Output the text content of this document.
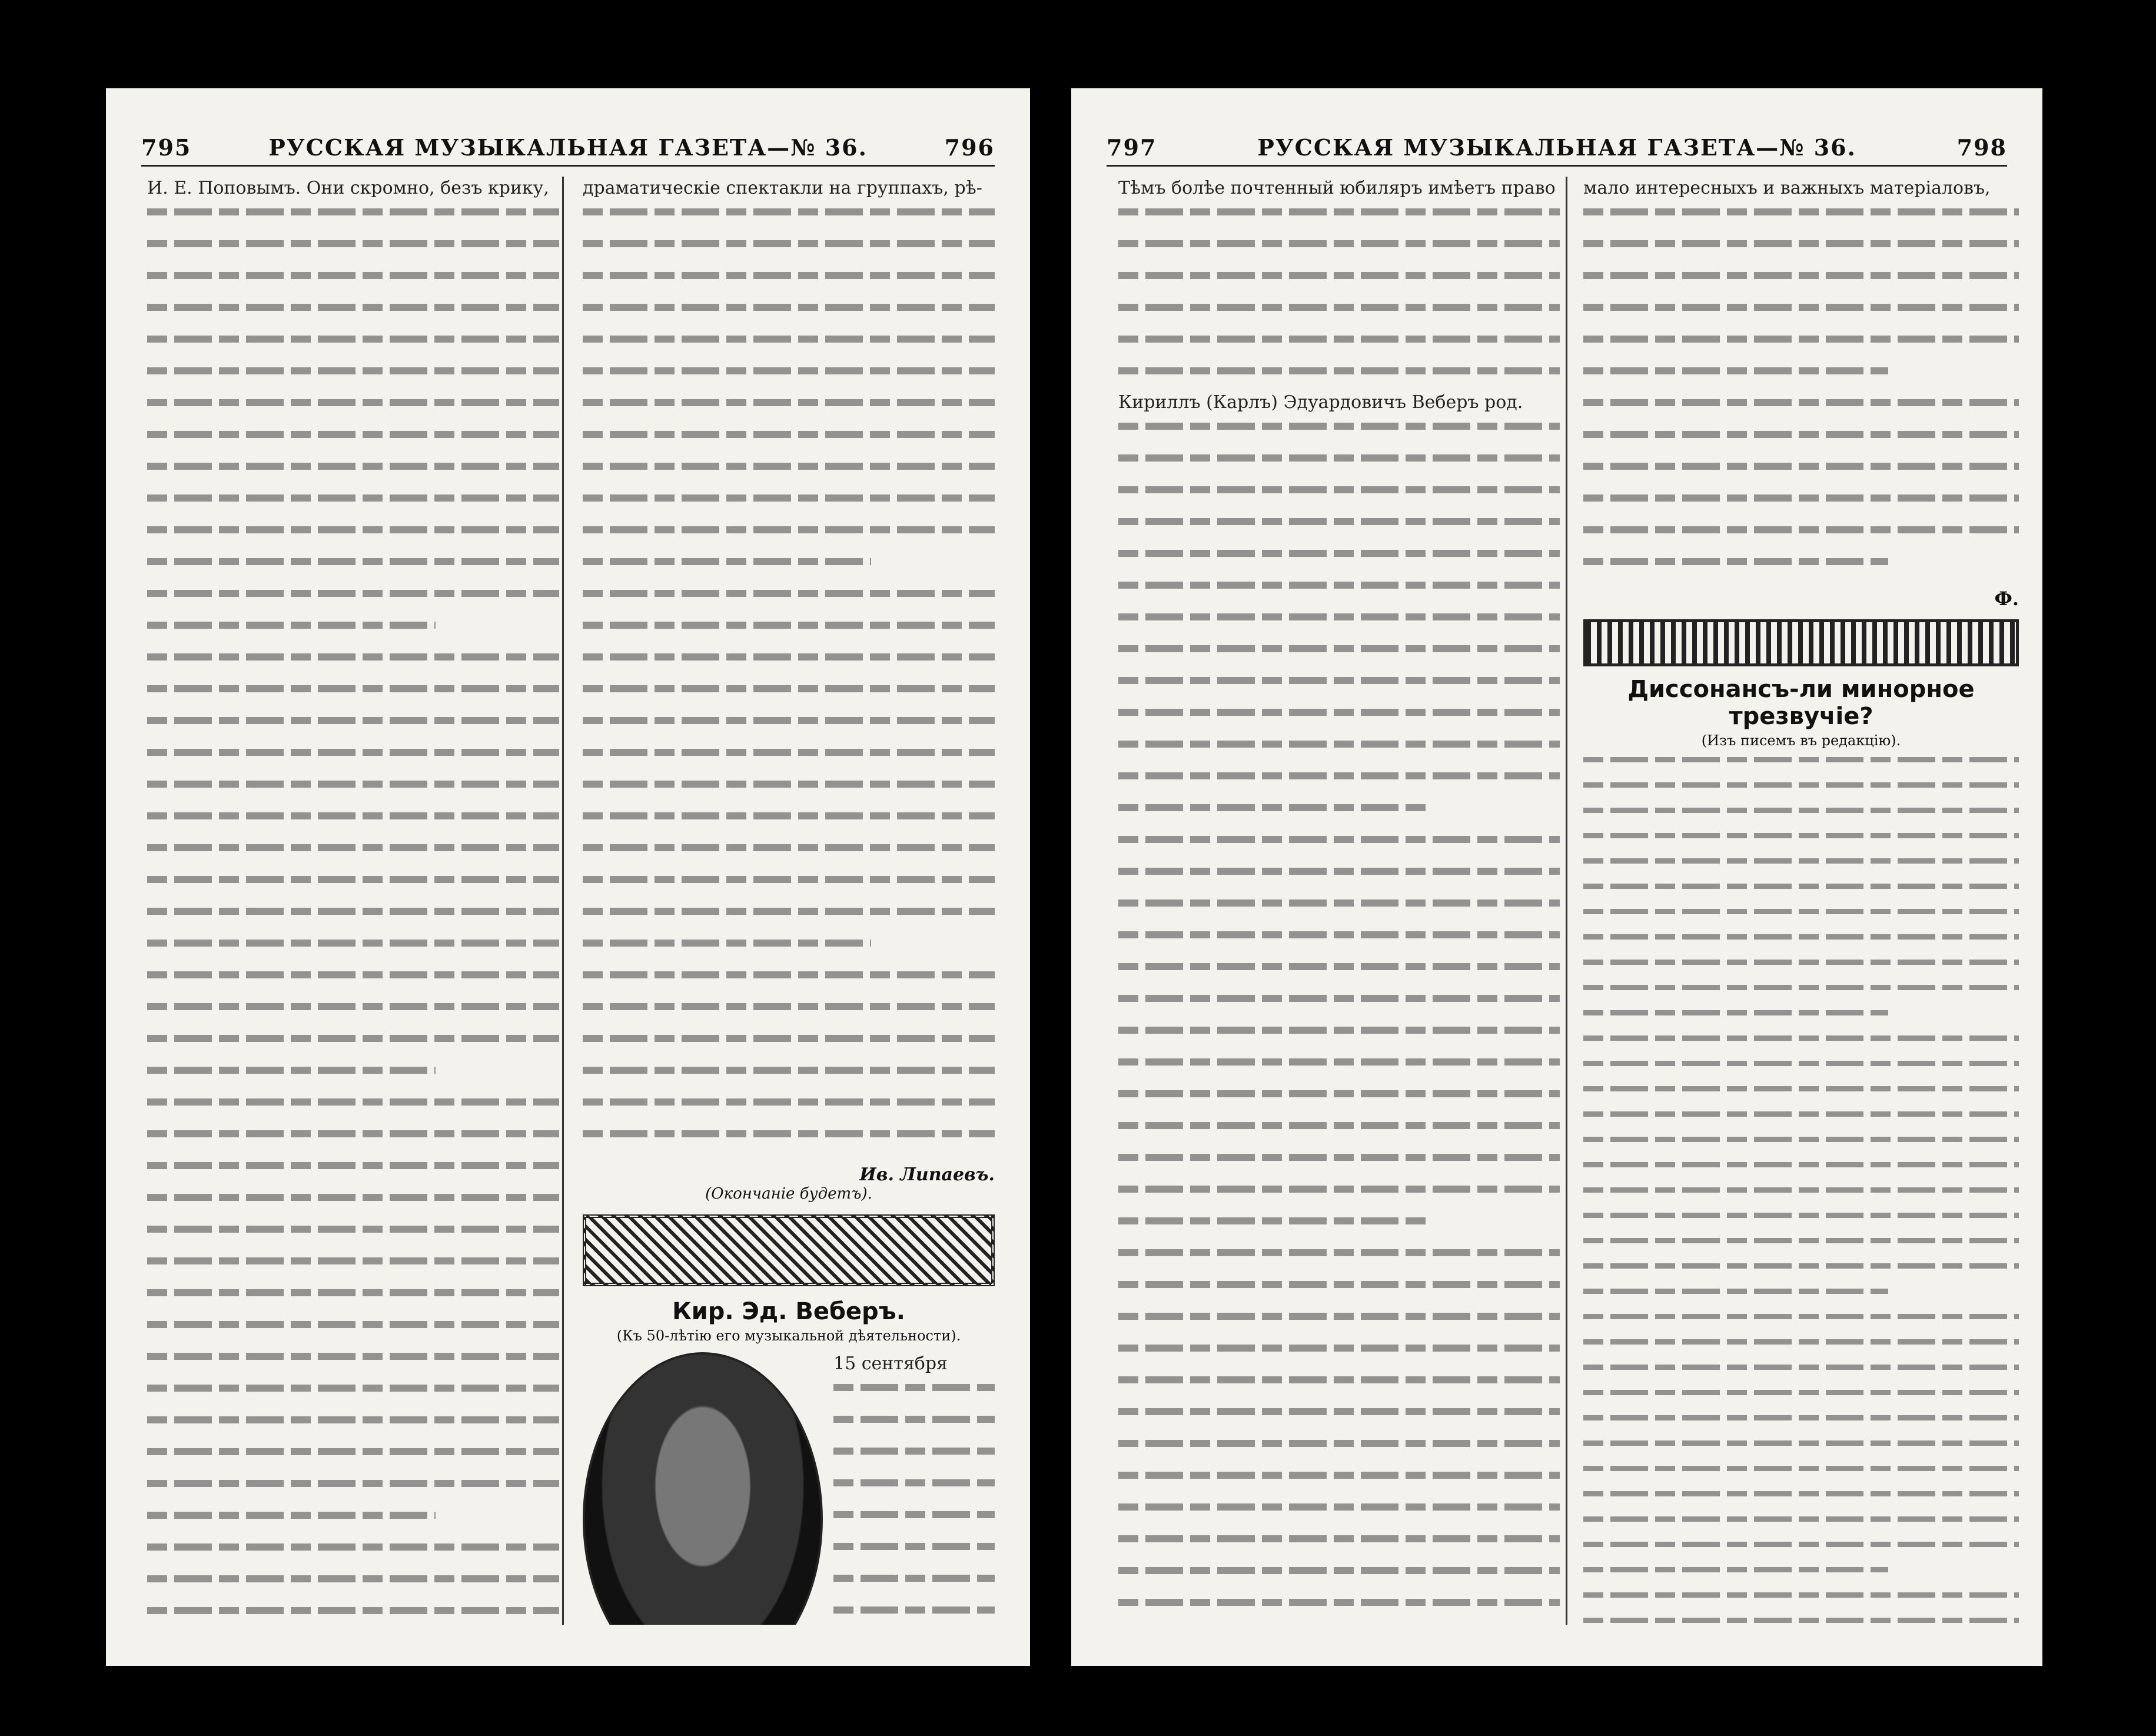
795	РУССКАЯ МУЗЫКАЛЬНАЯ ГАЗЕТА—№ 36.	796
И. Е. Поповымъ. Они скромно, безъ крику,	драматическiе спектакли на группахъ, рѣ-
Ив. Липаевъ.
(Окончанiе будетъ).
Кир. Эд. Веберъ.
(Къ 50-лѣтiю его музыкальной дѣятельности).
15 сентября
797	РУССКАЯ МУЗЫКАЛЬНАЯ ГАЗЕТА—№ 36.	798
Тѣмъ болѣе почтенный юбиляръ имѣетъ право
Кириллъ (Карлъ) Эдуардовичъ Веберъ род.
мало интересныхъ и важныхъ матерiаловъ,
Ф.
Диссонансъ-ли минорное трезвучiе?
(Изъ писемъ въ редакцiю).
